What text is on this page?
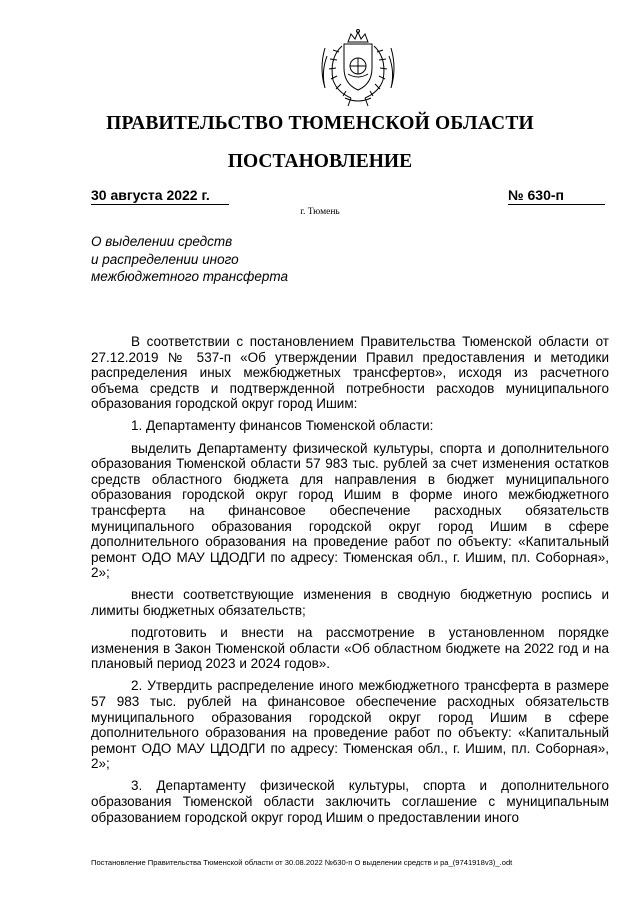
ПРАВИТЕЛЬСТВО ТЮМЕНСКОЙ ОБЛАСТИ
ПОСТАНОВЛЕНИЕ
30 августа 2022 г.	№ 630-п
г. Тюмень
О выделении средств
и распределении иного
межбюджетного трансферта

В соответствии с постановлением Правительства Тюменской области от 27.12.2019 № 537-п «Об утверждении Правил предоставления и методики распределения иных межбюджетных трансфертов», исходя из расчетного объема средств и подтвержденной потребности расходов муниципального образования городской округ город Ишим:

1. Департаменту финансов Тюменской области:

выделить Департаменту физической культуры, спорта и дополнительного образования Тюменской области 57 983 тыс. рублей за счет изменения остатков средств областного бюджета для направления в бюджет муниципального образования городской округ город Ишим в форме иного межбюджетного трансферта на финансовое обеспечение расходных обязательств муниципального образования городской округ город Ишим в сфере дополнительного образования на проведение работ по объекту: «Капитальный ремонт ОДО МАУ ЦДОДГИ по адресу: Тюменская обл., г. Ишим, пл. Соборная», 2»;

внести соответствующие изменения в сводную бюджетную роспись и лимиты бюджетных обязательств;

подготовить и внести на рассмотрение в установленном порядке изменения в Закон Тюменской области «Об областном бюджете на 2022 год и на плановый период 2023 и 2024 годов».

2. Утвердить распределение иного межбюджетного трансферта в размере 57 983 тыс. рублей на финансовое обеспечение расходных обязательств муниципального образования городской округ город Ишим в сфере дополнительного образования на проведение работ по объекту: «Капитальный ремонт ОДО МАУ ЦДОДГИ по адресу: Тюменская обл., г. Ишим, пл. Соборная», 2»;

3. Департаменту физической культуры, спорта и дополнительного образования Тюменской области заключить соглашение с муниципальным образованием городской округ город Ишим о предоставлении иного

Постановление Правительства Тюменской области от 30.08.2022 №630-п О выделении средств и ра_(9741918v3)_.odt
